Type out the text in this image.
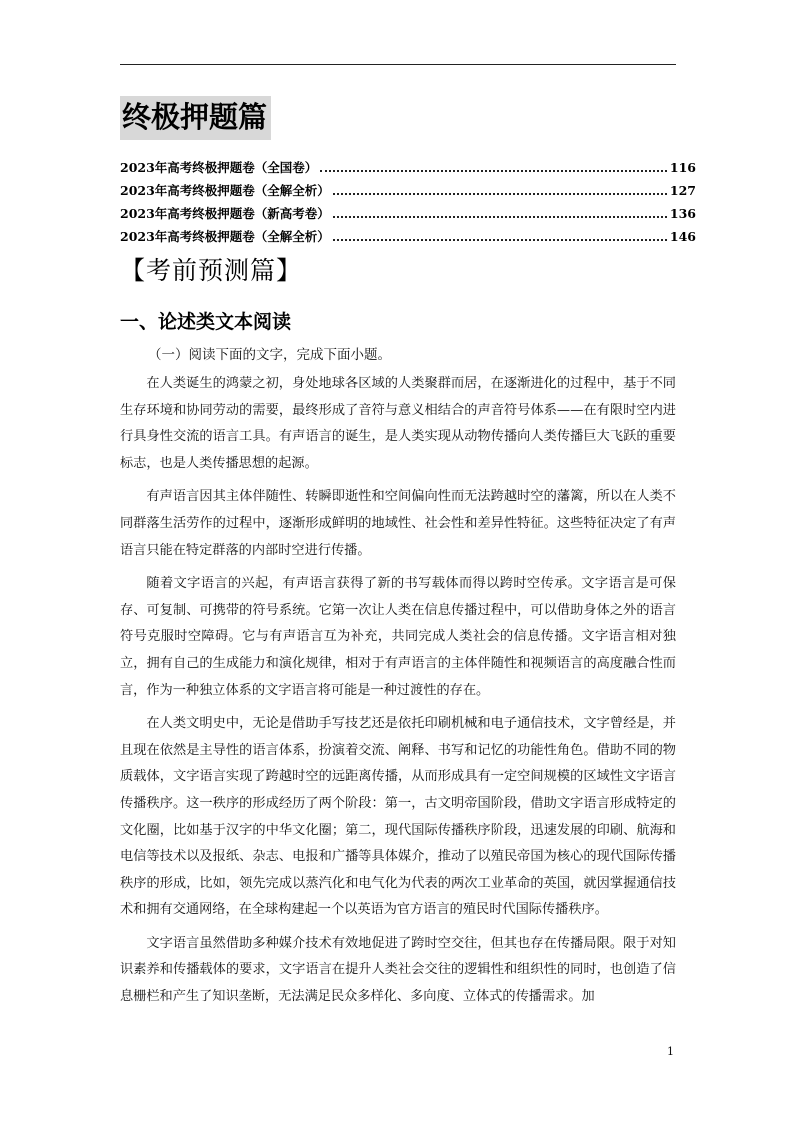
终极押题篇
2023年高考终极押题卷（全国卷）	116
2023年高考终极押题卷（全解全析）	127
2023年高考终极押题卷（新高考卷）	136
2023年高考终极押题卷（全解全析）	146
【考前预测篇】
一、论述类文本阅读
（一）阅读下面的文字，完成下面小题。

在人类诞生的鸿蒙之初，身处地球各区域的人类聚群而居，在逐渐进化的过程中，基于不同生存环境和协同劳动的需要，最终形成了音符与意义相结合的声音符号体系——在有限时空内进行具身性交流的语言工具。有声语言的诞生，是人类实现从动物传播向人类传播巨大飞跃的重要标志，也是人类传播思想的起源。

有声语言因其主体伴随性、转瞬即逝性和空间偏向性而无法跨越时空的藩篱，所以在人类不同群落生活劳作的过程中，逐渐形成鲜明的地域性、社会性和差异性特征。这些特征决定了有声语言只能在特定群落的内部时空进行传播。

随着文字语言的兴起，有声语言获得了新的书写载体而得以跨时空传承。文字语言是可保存、可复制、可携带的符号系统。它第一次让人类在信息传播过程中，可以借助身体之外的语言符号克服时空障碍。它与有声语言互为补充，共同完成人类社会的信息传播。文字语言相对独立，拥有自己的生成能力和演化规律，相对于有声语言的主体伴随性和视频语言的高度融合性而言，作为一种独立体系的文字语言将可能是一种过渡性的存在。

在人类文明史中，无论是借助手写技艺还是依托印刷机械和电子通信技术，文字曾经是，并且现在依然是主导性的语言体系，扮演着交流、阐释、书写和记忆的功能性角色。借助不同的物质载体，文字语言实现了跨越时空的远距离传播，从而形成具有一定空间规模的区域性文字语言传播秩序。这一秩序的形成经历了两个阶段：第一，古文明帝国阶段，借助文字语言形成特定的文化圈，比如基于汉字的中华文化圈；第二，现代国际传播秩序阶段，迅速发展的印刷、航海和电信等技术以及报纸、杂志、电报和广播等具体媒介，推动了以殖民帝国为核心的现代国际传播秩序的形成，比如，领先完成以蒸汽化和电气化为代表的两次工业革命的英国，就因掌握通信技术和拥有交通网络，在全球构建起一个以英语为官方语言的殖民时代国际传播秩序。

文字语言虽然借助多种媒介技术有效地促进了跨时空交往，但其也存在传播局限。限于对知识素养和传播载体的要求，文字语言在提升人类社会交往的逻辑性和组织性的同时，也创造了信息栅栏和产生了知识垄断，无法满足民众多样化、多向度、立体式的传播需求。加

1
